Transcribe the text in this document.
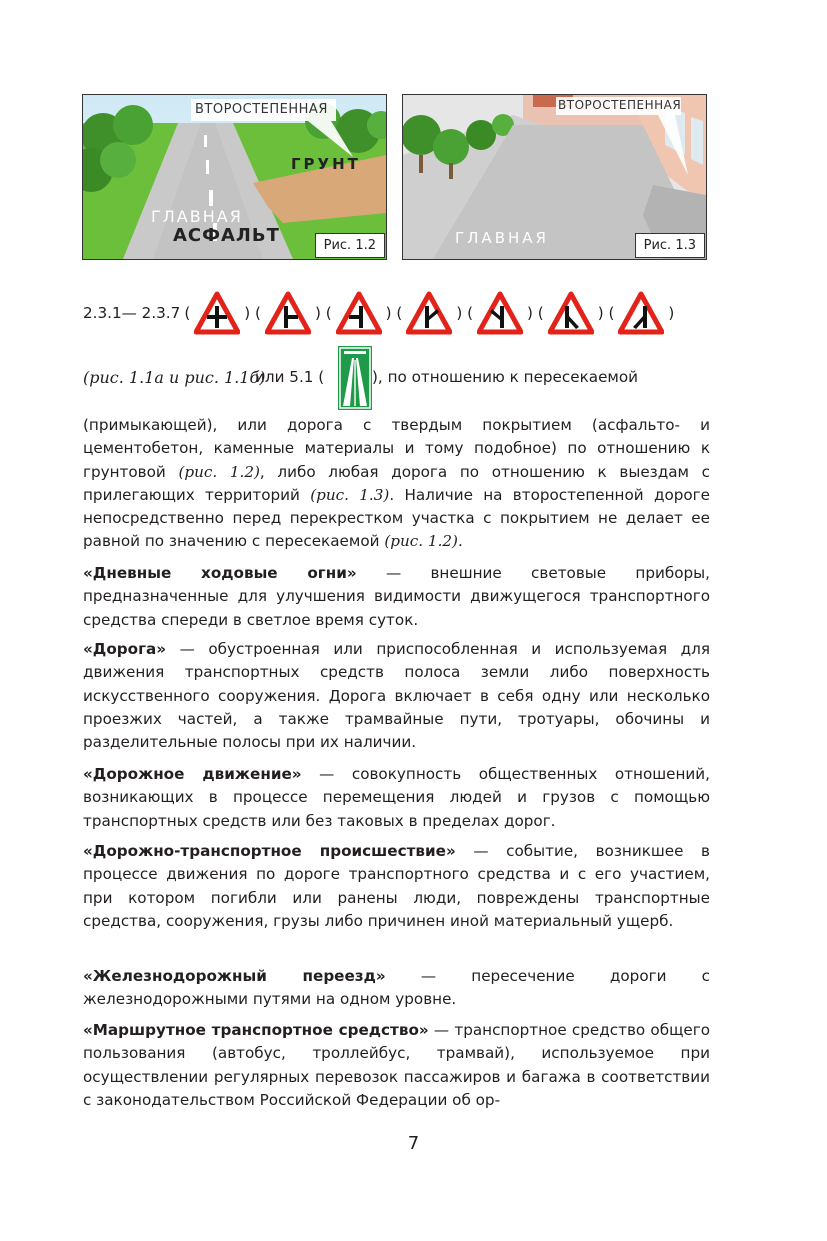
ВТОРОСТЕПЕННАЯ
ГРУНТ
ГЛАВНАЯ
АСФАЛЬТ	Рис. 1.2
ВТОРОСТЕПЕННАЯ
ГЛАВНАЯ	Рис. 1.3
2.3.1— 2.3.7 (	) (	) (	) (	) (	) (	) (	)
(рис. 1.1а и рис. 1.1б)
или 5.1 (	), по отношению к пересекаемой
(примыкающей), или дорога с твердым покрытием (асфальто- и цементобетон, каменные материалы и тому подобное) по отношению к грунтовой (рис. 1.2), либо любая дорога по отношению к выездам с прилегающих территорий (рис. 1.3). Наличие на второстепенной дороге непосредственно перед перекрестком участка с покрытием не делает ее равной по значению с пересекаемой (рис. 1.2).
«Дневные ходовые огни» — внешние световые приборы, предназначенные для улучшения видимости движущегося транспортного средства спереди в светлое время суток.
«Дорога» — обустроенная или приспособленная и используемая для движения транспортных средств полоса земли либо поверхность искусственного сооружения. Дорога включает в себя одну или несколько проезжих частей, а также трамвайные пути, тротуары, обочины и разделительные полосы при их наличии.
«Дорожное движение» — совокупность общественных отношений, возникающих в процессе перемещения людей и грузов с помощью транспортных средств или без таковых в пределах дорог.
«Дорожно-транспортное происшествие» — событие, возникшее в процессе движения по дороге транспортного средства и с его участием, при котором погибли или ранены люди, повреждены транспортные средства, сооружения, грузы либо причинен иной материальный ущерб.
«Железнодорожный переезд» — пересечение дороги с железнодорожными путями на одном уровне.
«Маршрутное транспортное средство» — транспортное средство общего пользования (автобус, троллейбус, трамвай), используемое при осуществлении регулярных перевозок пассажиров и багажа в соответствии с законодательством Российской Федерации об ор-
7
